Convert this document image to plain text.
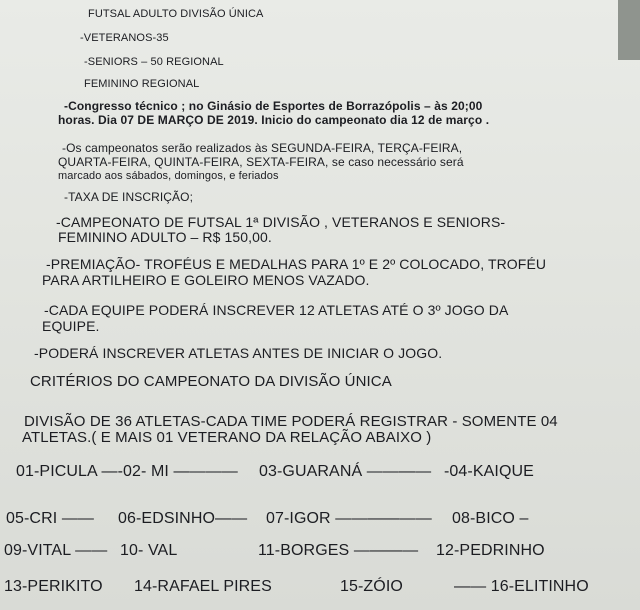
FUTSAL ADULTO DIVISÃO ÚNICA
-VETERANOS-35
-SENIORS – 50 REGIONAL
FEMININO REGIONAL
-Congresso técnico ; no Ginásio de Esportes de Borrazópolis – às 20;00
horas. Dia 07 DE MARÇO DE 2019. Inicio do campeonato dia 12 de março .
-Os campeonatos serão realizados às SEGUNDA-FEIRA, TERÇA-FEIRA,
QUARTA-FEIRA, QUINTA-FEIRA, SEXTA-FEIRA, se caso necessário será
marcado aos sábados, domingos, e feriados
-TAXA DE INSCRIÇÃO;
-CAMPEONATO DE FUTSAL 1ª DIVISÃO , VETERANOS E SENIORS-
FEMININO ADULTO – R$ 150,00.
-PREMIAÇÃO- TROFÉUS E MEDALHAS PARA 1º E 2º COLOCADO, TROFÉU
PARA ARTILHEIRO E GOLEIRO MENOS VAZADO.
-CADA EQUIPE PODERÁ INSCREVER 12 ATLETAS ATÉ O 3º JOGO DA
EQUIPE.
-PODERÁ INSCREVER ATLETAS ANTES DE INICIAR O JOGO.
CRITÉRIOS DO CAMPEONATO DA DIVISÃO ÚNICA
DIVISÃO DE 36 ATLETAS-CADA TIME PODERÁ REGISTRAR - SOMENTE 04
ATLETAS.( E MAIS 01 VETERANO DA RELAÇÃO ABAIXO )
01-PICULA —-02- MI ———— 03-GUARANÁ ———— -04-KAIQUE
05-CRI —— 06-EDSINHO—— 07-IGOR —————— 08-BICO –
09-VITAL —— 10- VAL	11-BORGES ———— 12-PEDRINHO
13-PERIKITO 14-RAFAEL PIRES	15-ZÓIO	—— 16-ELITINHO
